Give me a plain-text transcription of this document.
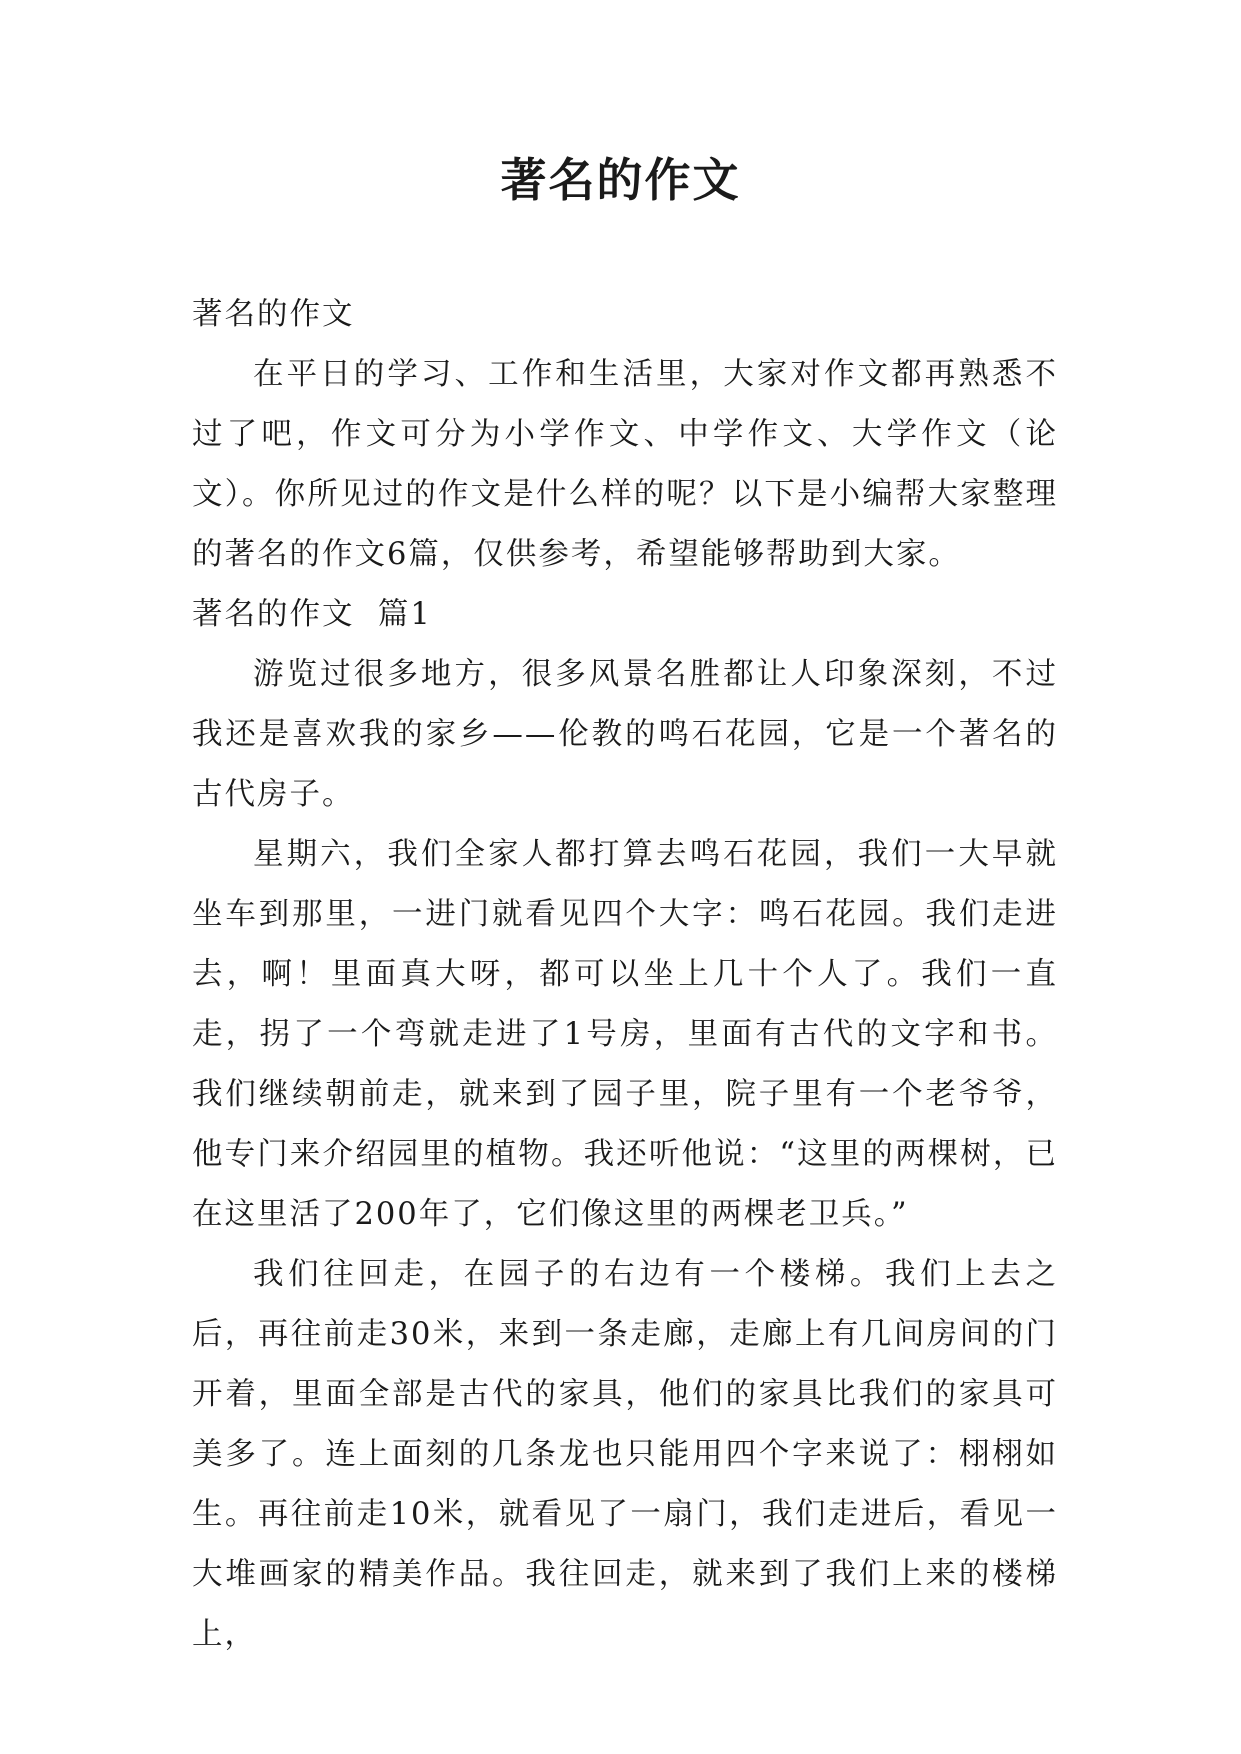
著名的作文

著名的作文

在平日的学习、工作和生活里，大家对作文都再熟悉不过了吧，作文可分为小学作文、中学作文、大学作文（论文）。你所见过的作文是什么样的呢？以下是小编帮大家整理的著名的作文6篇，仅供参考，希望能够帮助到大家。

著名的作文  篇1

游览过很多地方，很多风景名胜都让人印象深刻，不过我还是喜欢我的家乡——伦教的鸣石花园，它是一个著名的古代房子。

星期六，我们全家人都打算去鸣石花园，我们一大早就坐车到那里，一进门就看见四个大字：鸣石花园。我们走进去，啊！里面真大呀，都可以坐上几十个人了。我们一直走，拐了一个弯就走进了1号房，里面有古代的文字和书。我们继续朝前走，就来到了园子里，院子里有一个老爷爷，他专门来介绍园里的植物。我还听他说：“这里的两棵树，已在这里活了200年了，它们像这里的两棵老卫兵。”

我们往回走，在园子的右边有一个楼梯。我们上去之后，再往前走30米，来到一条走廊，走廊上有几间房间的门开着，里面全部是古代的家具，他们的家具比我们的家具可美多了。连上面刻的几条龙也只能用四个字来说了：栩栩如生。再往前走10米，就看见了一扇门，我们走进后，看见一大堆画家的精美作品。我往回走，就来到了我们上来的楼梯上，
